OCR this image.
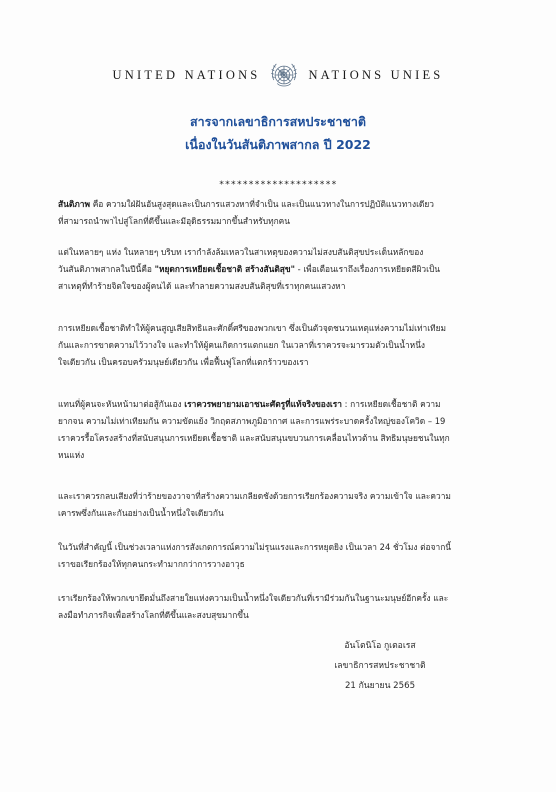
UNITED NATIONS	NATIONS UNIES
สารจากเลขาธิการสหประชาชาติ
เนื่องในวันสันติภาพสากล ปี 2022
********************
สันติภาพ คือ ความใฝ่ฝันอันสูงสุดและเป็นการแสวงหาที่จำเป็น และเป็นแนวทางในการปฏิบัติแนวทางเดียว
ที่สามารถนำพาไปสู่โลกที่ดีขึ้นและมีอุดิธรรมมากขึ้นสำหรับทุกคน
แต่ในหลายๆ แห่ง ในหลายๆ บริบท เรากำลังล้มเหลวในสาเหตุของความไม่สงบสันติสุขประเด็นหลักของ
วันสันติภาพสากลในปีนี้คือ "หยุดการเหยียดเชื้อชาติ สร้างสันติสุข" - เพื่อเตือนเราถึงเรื่องการเหยียดสีผิวเป็น
สาเหตุที่ทำร้ายจิตใจของผู้คนได้ และทำลายความสงบสันติสุขที่เราทุกคนแสวงหา
การเหยียดเชื้อชาติทำให้ผู้คนสูญเสียสิทธิและศักดิ์ศรีของพวกเขา ซึ่งเป็นตัวจุดชนวนเหตุแห่งความไม่เท่าเทียม
กันและการขาดความไว้วางใจ และทำให้ผู้คนเกิดการแตกแยก ในเวลาที่เราควรจะมารวมตัวเป็นน้ำหนึ่ง
ใจเดียวกัน เป็นครอบครัวมนุษย์เดียวกัน เพื่อฟื้นฟูโลกที่แตกร้าวของเรา
แทนที่ผู้คนจะหันหน้ามาต่อสู้กันเอง เราควรพยายามเอาชนะศัตรูที่แท้จริงของเรา : การเหยียดเชื้อชาติ ความ
ยากจน ความไม่เท่าเทียมกัน ความขัดแย้ง วิกฤตสภาพภูมิอากาศ และการแพร่ระบาดครั้งใหญ่ของโควิด – 19
เราควรรื้อโครงสร้างที่สนับสนุนการเหยียดเชื้อชาติ และสนับสนุนขบวนการเคลื่อนไหวต้าน สิทธิมนุษยชนในทุก
หนแห่ง
และเราควรกลบเสียงที่ว่าร้ายของวาจาที่สร้างความเกลียดชังด้วยการเรียกร้องความจริง ความเข้าใจ และความ
เคารพซึ่งกันและกันอย่างเป็นน้ำหนึ่งใจเดียวกัน
ในวันที่สำคัญนี้ เป็นช่วงเวลาแห่งการสังเกตการณ์ความไม่รุนแรงและการหยุดยิง เป็นเวลา 24 ชั่วโมง ต่อจากนี้
เราขอเรียกร้องให้ทุกคนกระทำมากกว่าการวางอาวุธ
เราเรียกร้องให้พวกเขายึดมั่นถึงสายใยแห่งความเป็นน้ำหนึ่งใจเดียวกันที่เรามีร่วมกันในฐานะมนุษย์อีกครั้ง และ
ลงมือทำภารกิจเพื่อสร้างโลกที่ดีขึ้นและสงบสุขมากขึ้น
อันโตนิโอ กูเตอเรส
เลขาธิการสหประชาชาติ
21 กันยายน 2565
